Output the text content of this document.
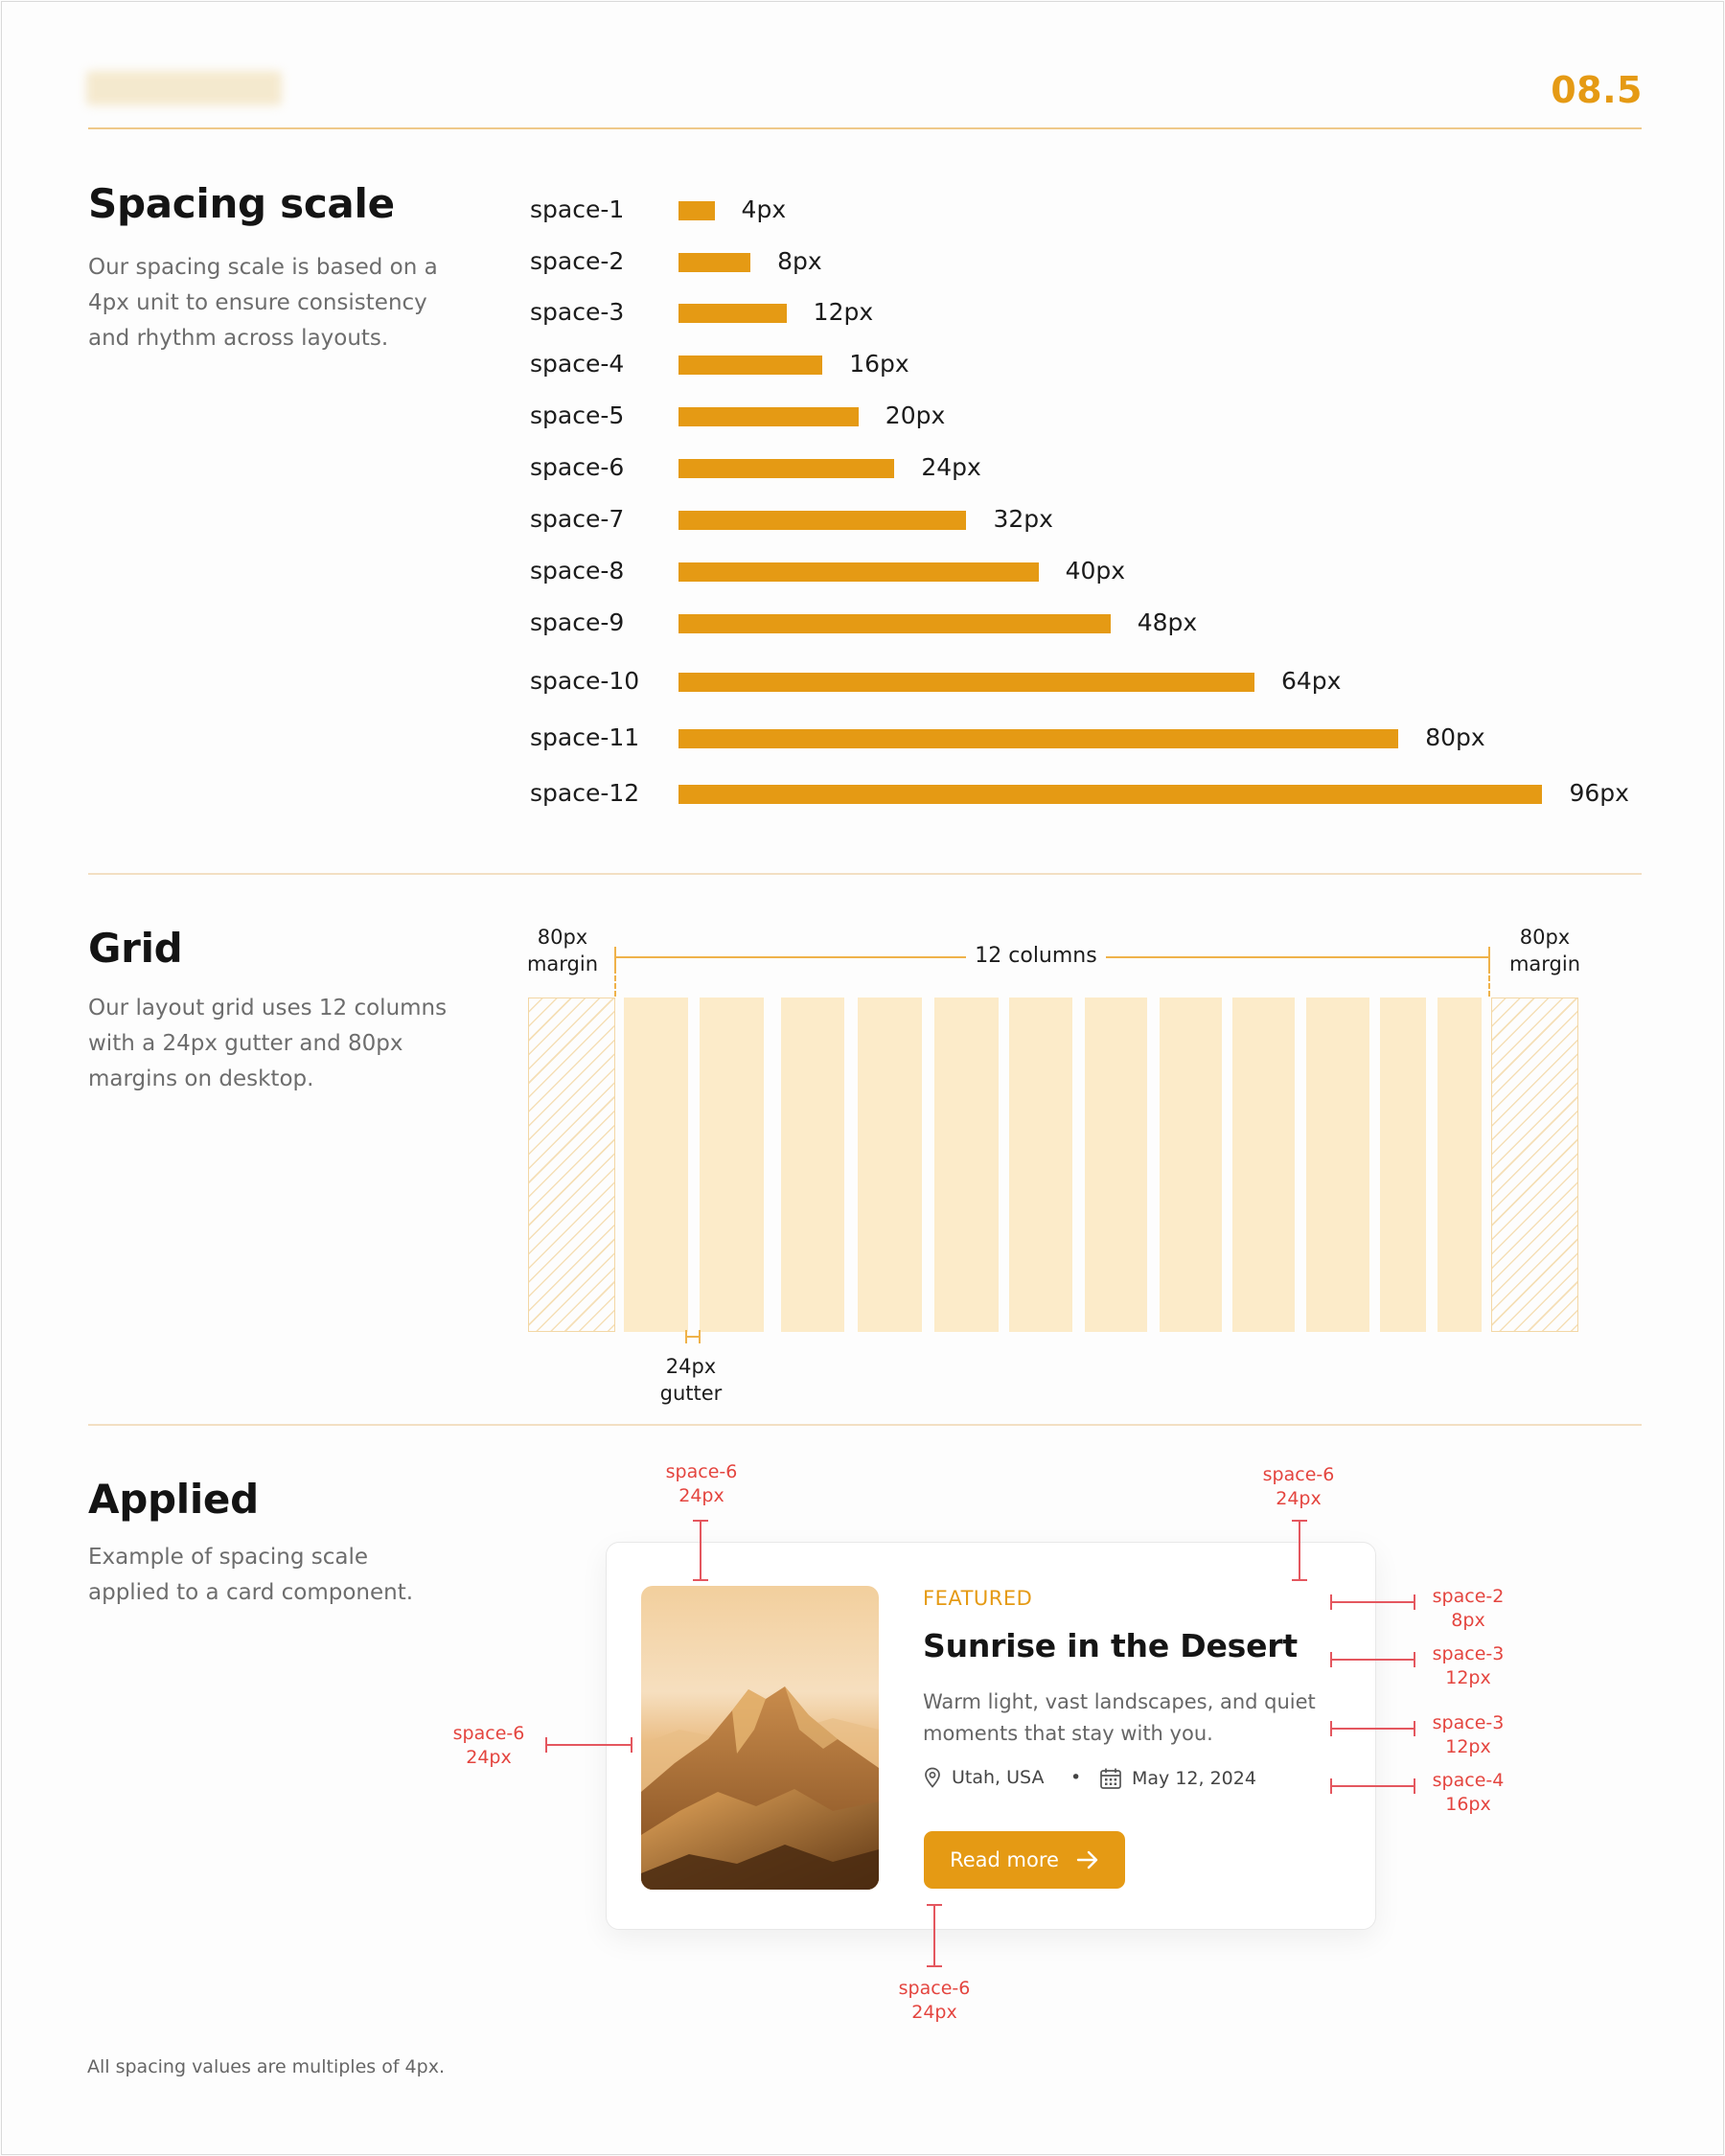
08.5
Spacing scale
Our spacing scale is based on a 4px unit to ensure consistency and rhythm across layouts.
space-1	4px
space-2	8px
space-3	12px
space-4	16px
space-5	20px
space-6	24px
space-7	32px
space-8	40px
space-9	48px
space-10	64px
space-11	80px
space-12	96px
Grid
Our layout grid uses 12 columns with a 24px gutter and 80px margins on desktop.
80px
margin
80px
margin
12 columns
24px
gutter
Applied
Example of spacing scale applied to a card component.	FEATURED
Sunrise in the Desert
Warm light, vast landscapes, and quiet moments that stay with you.
Utah, USA •	May 12, 2024
Read more
space-6
24px
space-6
24px
space-6
24px
space-6
24px
space-2
8px
space-3
12px
space-3
12px
space-4
16px
All spacing values are multiples of 4px.
